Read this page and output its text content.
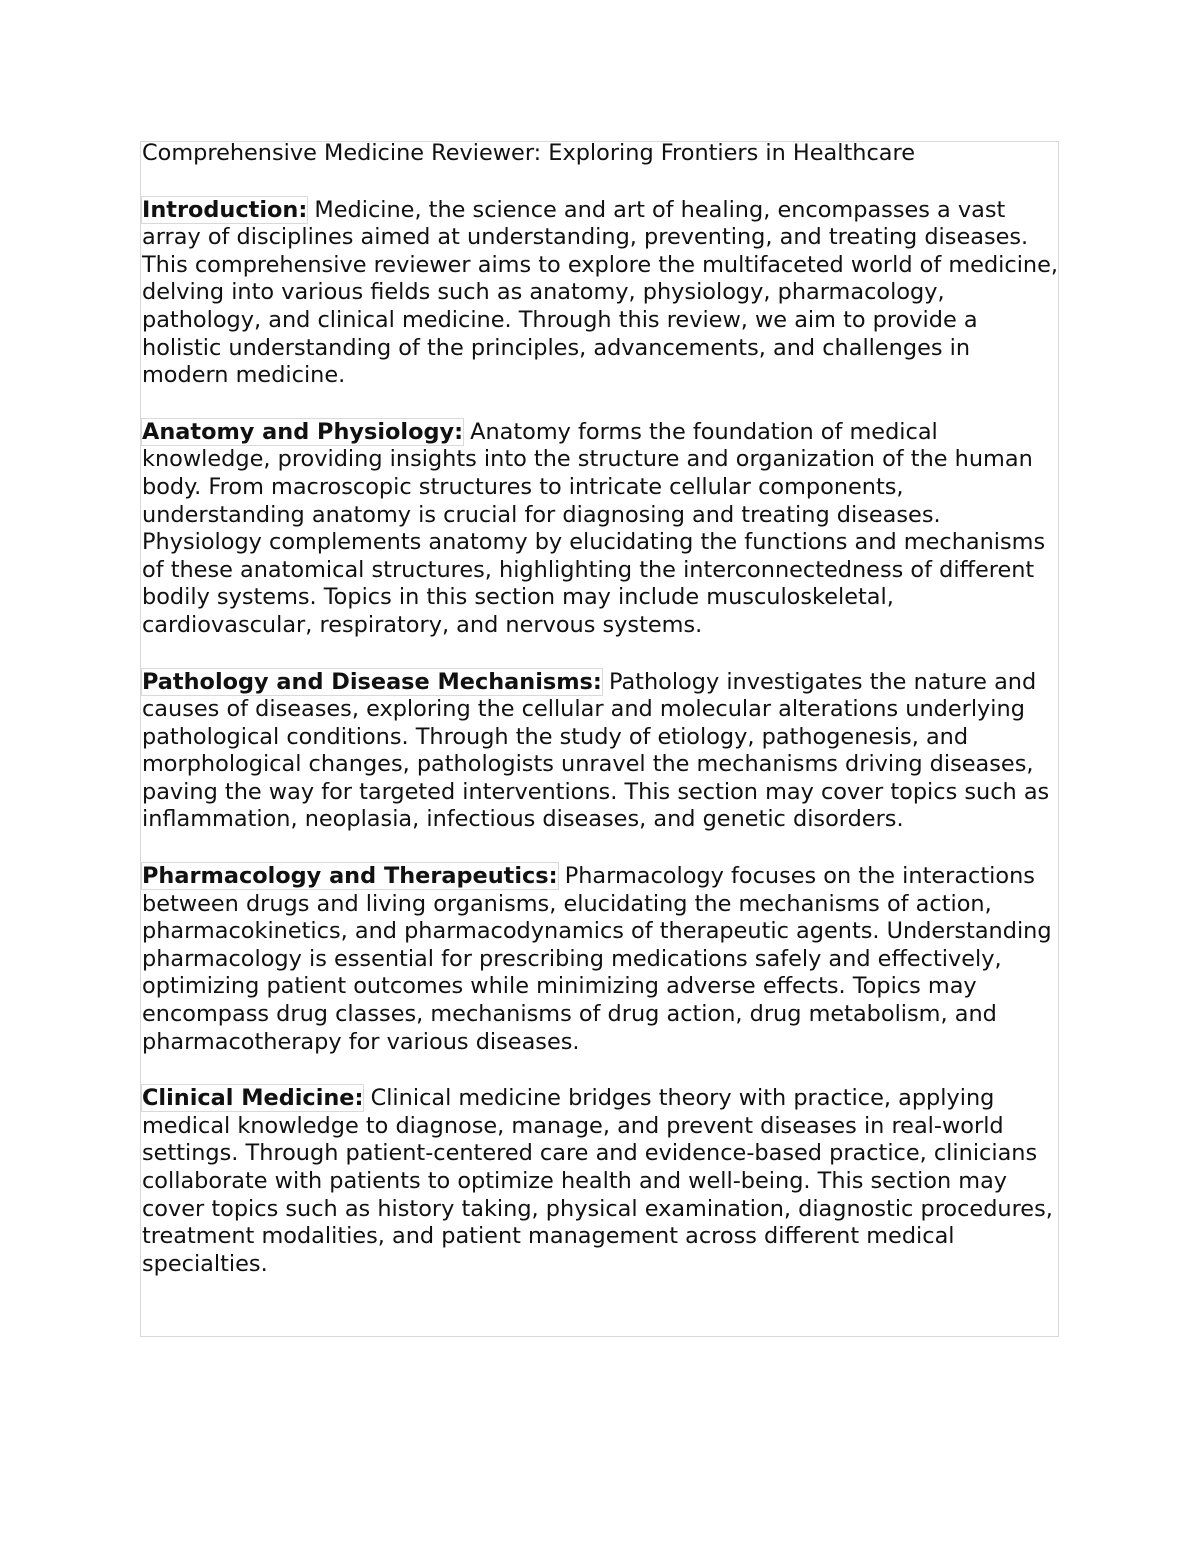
Comprehensive Medicine Reviewer: Exploring Frontiers in Healthcare

Introduction: Medicine, the science and art of healing, encompasses a vast array of disciplines aimed at understanding, preventing, and treating diseases. This comprehensive reviewer aims to explore the multifaceted world of medicine, delving into various fields such as anatomy, physiology, pharmacology, pathology, and clinical medicine. Through this review, we aim to provide a holistic understanding of the principles, advancements, and challenges in modern medicine.

Anatomy and Physiology: Anatomy forms the foundation of medical knowledge, providing insights into the structure and organization of the human body. From macroscopic structures to intricate cellular components, understanding anatomy is crucial for diagnosing and treating diseases. Physiology complements anatomy by elucidating the functions and mechanisms of these anatomical structures, highlighting the interconnectedness of different bodily systems. Topics in this section may include musculoskeletal, cardiovascular, respiratory, and nervous systems.

Pathology and Disease Mechanisms: Pathology investigates the nature and causes of diseases, exploring the cellular and molecular alterations underlying pathological conditions. Through the study of etiology, pathogenesis, and morphological changes, pathologists unravel the mechanisms driving diseases, paving the way for targeted interventions. This section may cover topics such as inflammation, neoplasia, infectious diseases, and genetic disorders.

Pharmacology and Therapeutics: Pharmacology focuses on the interactions between drugs and living organisms, elucidating the mechanisms of action, pharmacokinetics, and pharmacodynamics of therapeutic agents. Understanding pharmacology is essential for prescribing medications safely and effectively, optimizing patient outcomes while minimizing adverse effects. Topics may encompass drug classes, mechanisms of drug action, drug metabolism, and pharmacotherapy for various diseases.

Clinical Medicine: Clinical medicine bridges theory with practice, applying medical knowledge to diagnose, manage, and prevent diseases in real-world settings. Through patient-centered care and evidence-based practice, clinicians collaborate with patients to optimize health and well-being. This section may cover topics such as history taking, physical examination, diagnostic procedures, treatment modalities, and patient management across different medical specialties.
